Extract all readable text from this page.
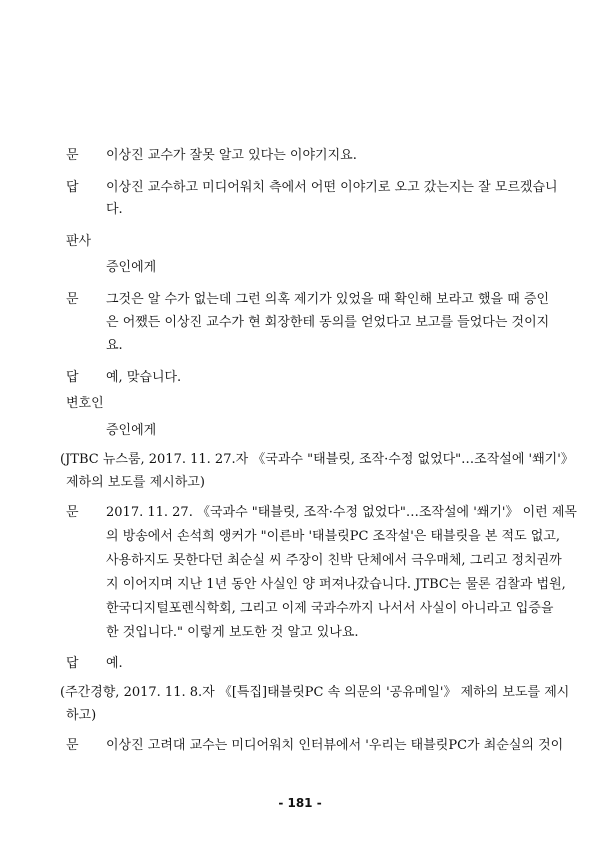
문 이상진 교수가 잘못 알고 있다는 이야기지요.
답 이상진 교수하고 미디어워치 측에서 어떤 이야기로 오고 갔는지는 잘 모르겠습니
다.
판사
증인에게
문 그것은 알 수가 없는데 그런 의혹 제기가 있었을 때 확인해 보라고 했을 때 증인
은 어쨌든 이상진 교수가 현 회장한테 동의를 얻었다고 보고를 들었다는 것이지
요.
답 예, 맞습니다.
변호인
증인에게
(JTBC 뉴스룸, 2017. 11. 27.자 《국과수 "태블릿, 조작·수정 없었다"…조작설에 '쐐기'》
제하의 보도를 제시하고)
문 2017. 11. 27. 《국과수 "태블릿, 조작·수정 없었다"…조작설에 '쐐기'》 이런 제목
의 방송에서 손석희 앵커가 "이른바 '태블릿PC 조작설'은 태블릿을 본 적도 없고,
사용하지도 못한다던 최순실 씨 주장이 친박 단체에서 극우매체, 그리고 정치권까
지 이어지며 지난 1년 동안 사실인 양 퍼져나갔습니다. JTBC는 물론 검찰과 법원,
한국디지털포렌식학회, 그리고 이제 국과수까지 나서서 사실이 아니라고 입증을
한 것입니다." 이렇게 보도한 것 알고 있나요.
답 예.
(주간경향, 2017. 11. 8.자 《[특집]태블릿PC 속 의문의 '공유메일'》 제하의 보도를 제시
하고)
문 이상진 고려대 교수는 미디어워치 인터뷰에서 '우리는 태블릿PC가 최순실의 것이
- 181 -
